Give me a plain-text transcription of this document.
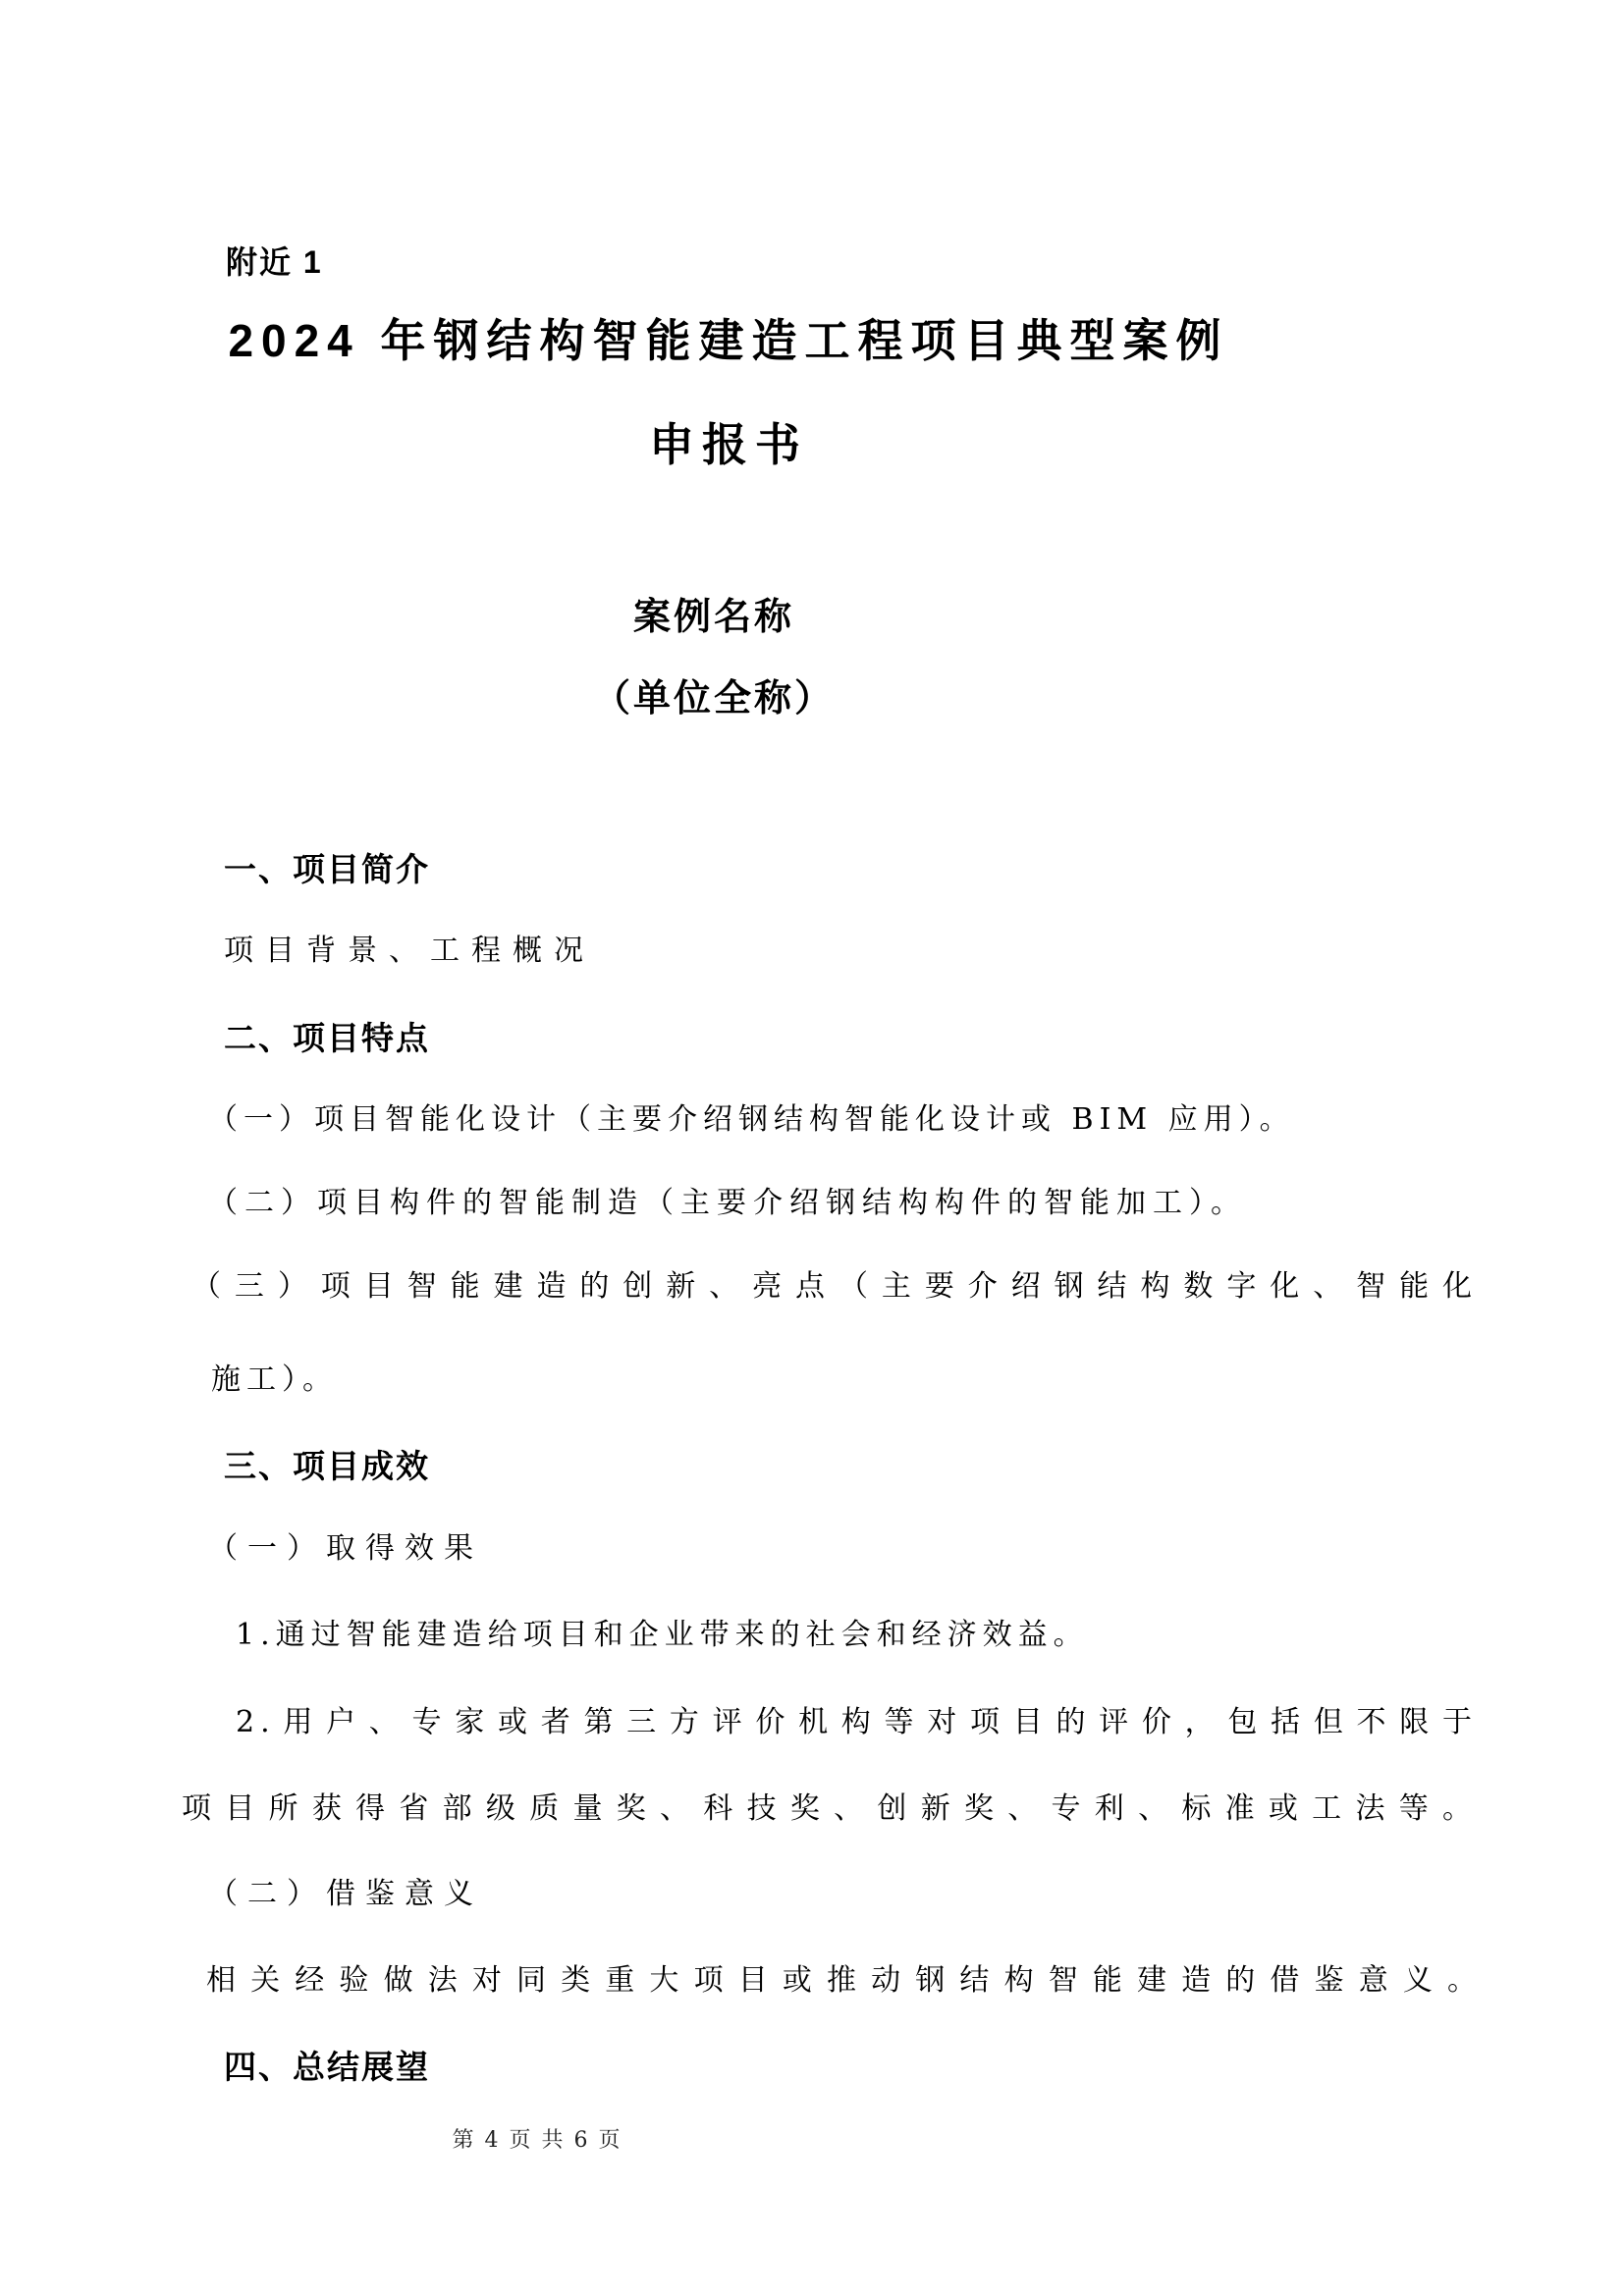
附近 1
2024 年钢结构智能建造工程项目典型案例
申报书
案例名称
（单位全称）
一、项目简介
项目背景、工程概况
二、项目特点
（一）项目智能化设计（主要介绍钢结构智能化设计或 BIM 应用）。
（二）项目构件的智能制造（主要介绍钢结构构件的智能加工）。
（三）项目智能建造的创新、亮点（主要介绍钢结构数字化、智能化
施工）。
三、项目成效
（一）取得效果
1.通过智能建造给项目和企业带来的社会和经济效益。
2.用户、专家或者第三方评价机构等对项目的评价，包括但不限于
项目所获得省部级质量奖、科技奖、创新奖、专利、标准或工法等。
（二）借鉴意义
相关经验做法对同类重大项目或推动钢结构智能建造的借鉴意义。
四、总结展望
第 4 页 共 6 页
